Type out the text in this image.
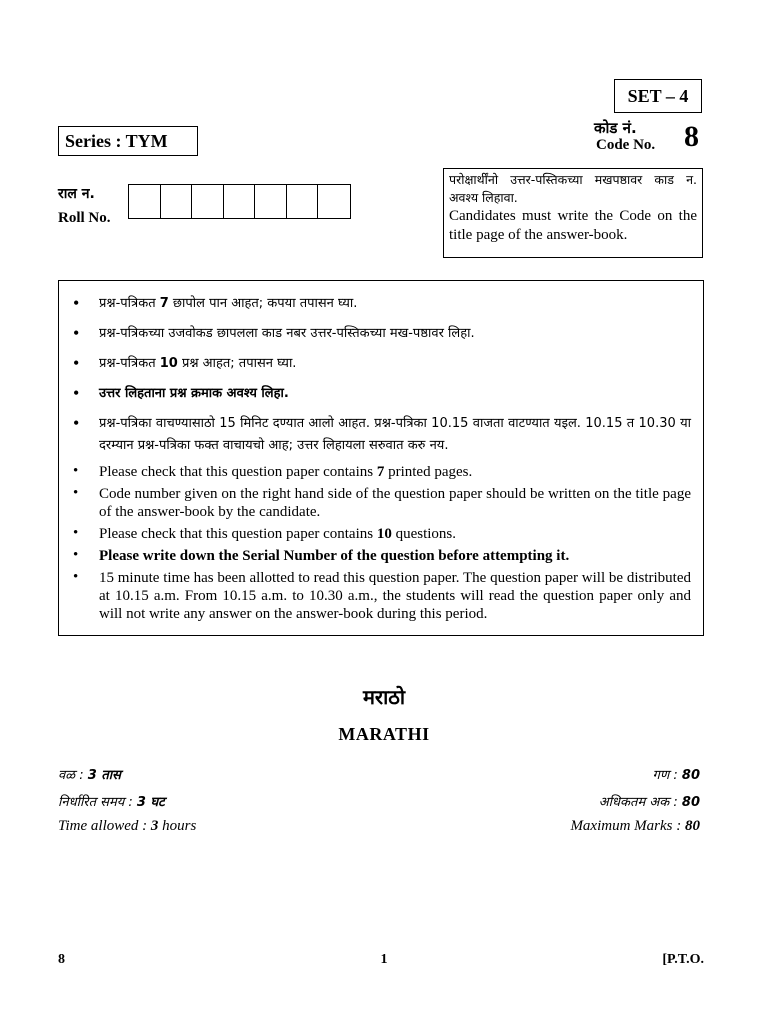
SET – 4
Series : TYM
कोड नं.
Code No. 8
राल न.
Roll No.
परोक्षार्थींनो उत्तर-पस्तिकच्या मखपष्ठावर काड न. अवश्य लिहावा.
Candidates must write the Code on the title page of the answer-book.
• प्रश्न-पत्रिकत 7 छापोल पान आहत; कपया तपासन घ्या.
• प्रश्न-पत्रिकच्या उजवोकड छापलला काड नबर उत्तर-पस्तिकच्या मख-पष्ठावर लिहा.
• प्रश्न-पत्रिकत 10 प्रश्न आहत; तपासन घ्या.
• उत्तर लिहताना प्रश्न क्रमाक अवश्य लिहा.
• प्रश्न-पत्रिका वाचण्यासाठो 15 मिनिट दण्यात आलो आहत. प्रश्न-पत्रिका 10.15 वाजता वाटण्यात यइल. 10.15 त 10.30 या दरम्यान प्रश्न-पत्रिका फक्त वाचायचो आह; उत्तर लिहायला सरुवात करु नय.
• Please check that this question paper contains 7 printed pages.
• Code number given on the right hand side of the question paper should be written on the title page of the answer-book by the candidate.
• Please check that this question paper contains 10 questions.
• Please write down the Serial Number of the question before attempting it.
• 15 minute time has been allotted to read this question paper. The question paper will be distributed at 10.15 a.m. From 10.15 a.m. to 10.30 a.m., the students will read the question paper only and will not write any answer on the answer-book during this period.
मराठो
MARATHI
वळ : 3 तास	गण : 80
निर्धारित समय : 3 घट	अधिकतम अक : 80
Time allowed : 3 hours	Maximum Marks : 80
8	1	[P.T.O.
